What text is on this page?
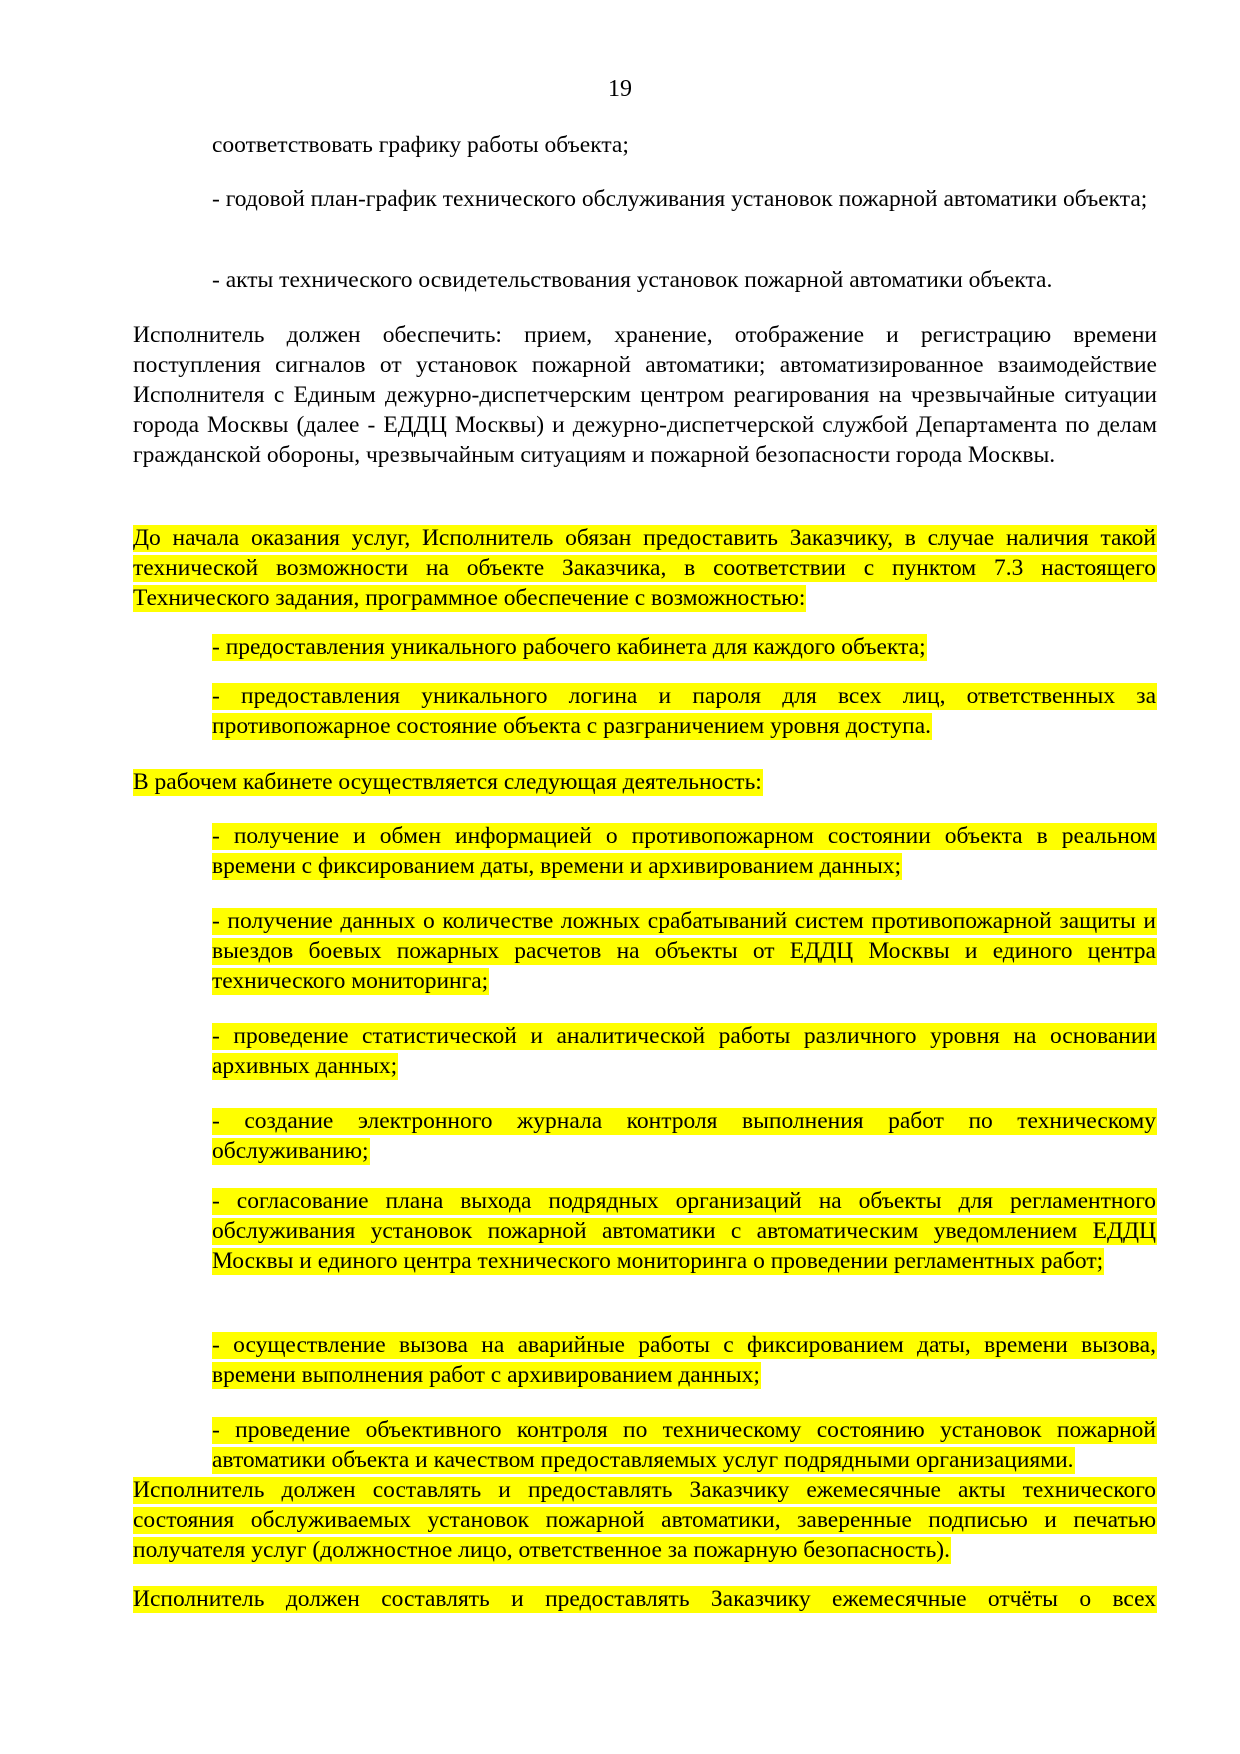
19

соответствовать графику работы объекта;

- годовой план-график технического обслуживания установок пожарной автоматики объекта;

- акты технического освидетельствования установок пожарной автоматики объекта.

Исполнитель должен обеспечить: прием, хранение, отображение и регистрацию времени поступления сигналов от установок пожарной автоматики; автоматизированное взаимодействие Исполнителя с Единым дежурно-диспетчерским центром реагирования на чрезвычайные ситуации города Москвы (далее - ЕДДЦ Москвы) и дежурно-диспетчерской службой Департамента по делам гражданской обороны, чрезвычайным ситуациям и пожарной безопасности города Москвы.

До начала оказания услуг, Исполнитель обязан предоставить Заказчику, в случае наличия такой технической возможности на объекте Заказчика, в соответствии с пунктом 7.3 настоящего Технического задания, программное обеспечение с возможностью:

- предоставления уникального рабочего кабинета для каждого объекта;

- предоставления уникального логина и пароля для всех лиц, ответственных за противопожарное состояние объекта с разграничением уровня доступа.

В рабочем кабинете осуществляется следующая деятельность:

- получение и обмен информацией о противопожарном состоянии объекта в реальном времени с фиксированием даты, времени и архивированием данных;

- получение данных о количестве ложных срабатываний систем противопожарной защиты и выездов боевых пожарных расчетов на объекты от ЕДДЦ Москвы и единого центра технического мониторинга;

- проведение статистической и аналитической работы различного уровня на основании архивных данных;

- создание электронного журнала контроля выполнения работ по техническому обслуживанию;

- согласование плана выхода подрядных организаций на объекты для регламентного обслуживания установок пожарной автоматики с автоматическим уведомлением ЕДДЦ Москвы и единого центра технического мониторинга о проведении регламентных работ;

- осуществление вызова на аварийные работы с фиксированием даты, времени вызова, времени выполнения работ с архивированием данных;

- проведение объективного контроля по техническому состоянию установок пожарной автоматики объекта и качеством предоставляемых услуг подрядными организациями.

Исполнитель должен составлять и предоставлять Заказчику ежемесячные акты технического состояния обслуживаемых установок пожарной автоматики, заверенные подписью и печатью получателя услуг (должностное лицо, ответственное за пожарную безопасность).

Исполнитель должен составлять и предоставлять Заказчику ежемесячные отчёты о всех
